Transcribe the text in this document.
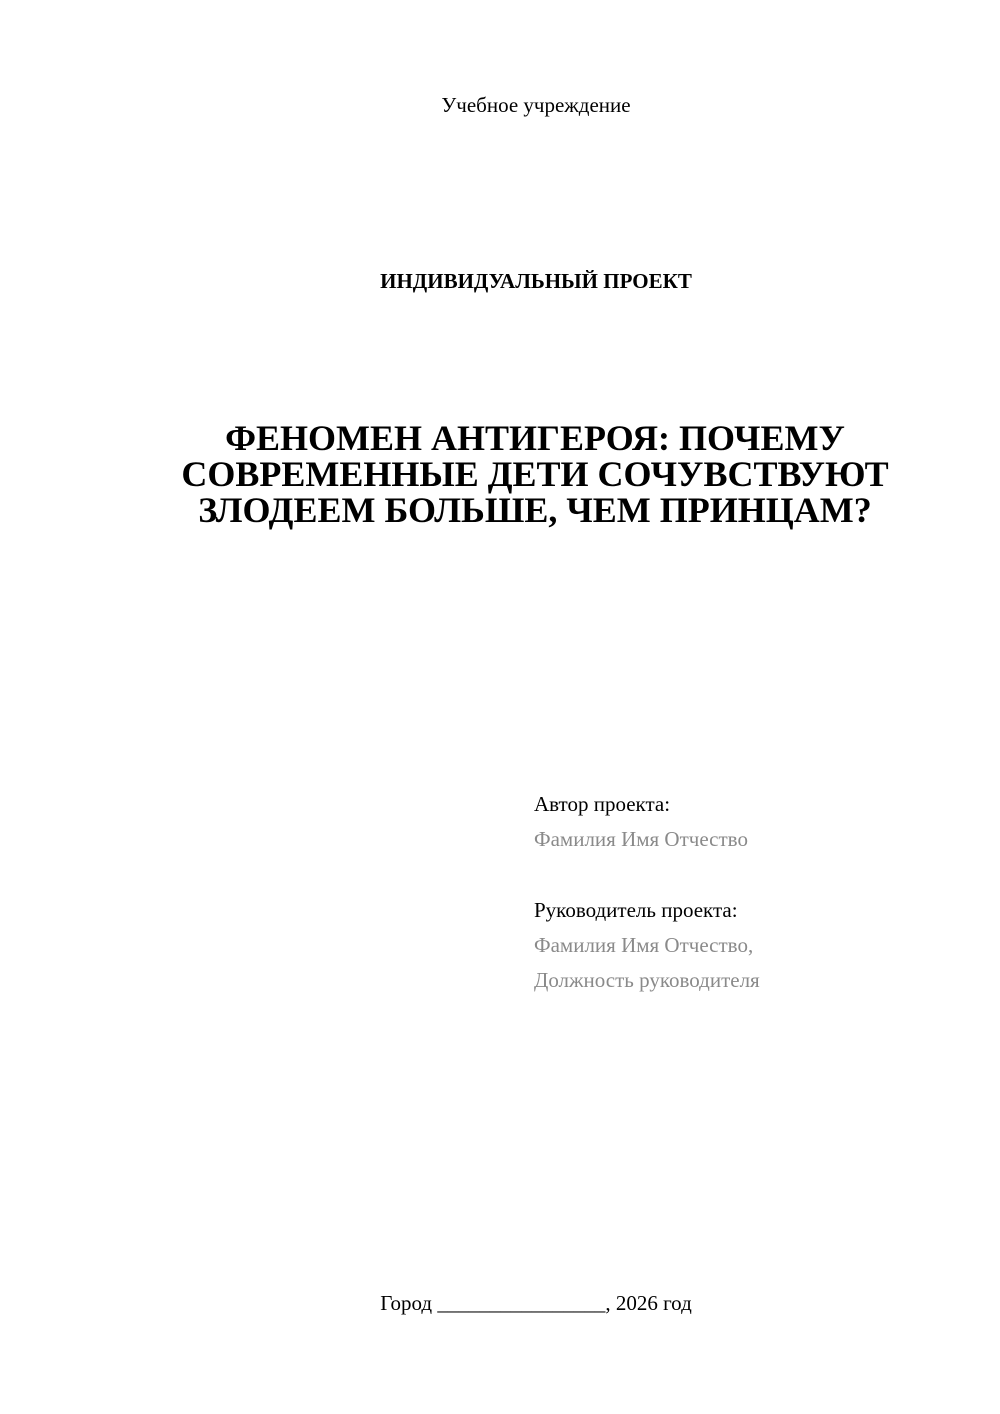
Учебное учреждение
ИНДИВИДУАЛЬНЫЙ ПРОЕКТ
ФЕНОМЕН АНТИГЕРОЯ: ПОЧЕМУ
СОВРЕМЕННЫЕ ДЕТИ СОЧУВСТВУЮТ
ЗЛОДЕЕМ БОЛЬШЕ, ЧЕМ ПРИНЦАМ?
Автор проекта:
Фамилия Имя Отчество
Руководитель проекта:
Фамилия Имя Отчество,
Должность руководителя
Город ________________, 2026 год
